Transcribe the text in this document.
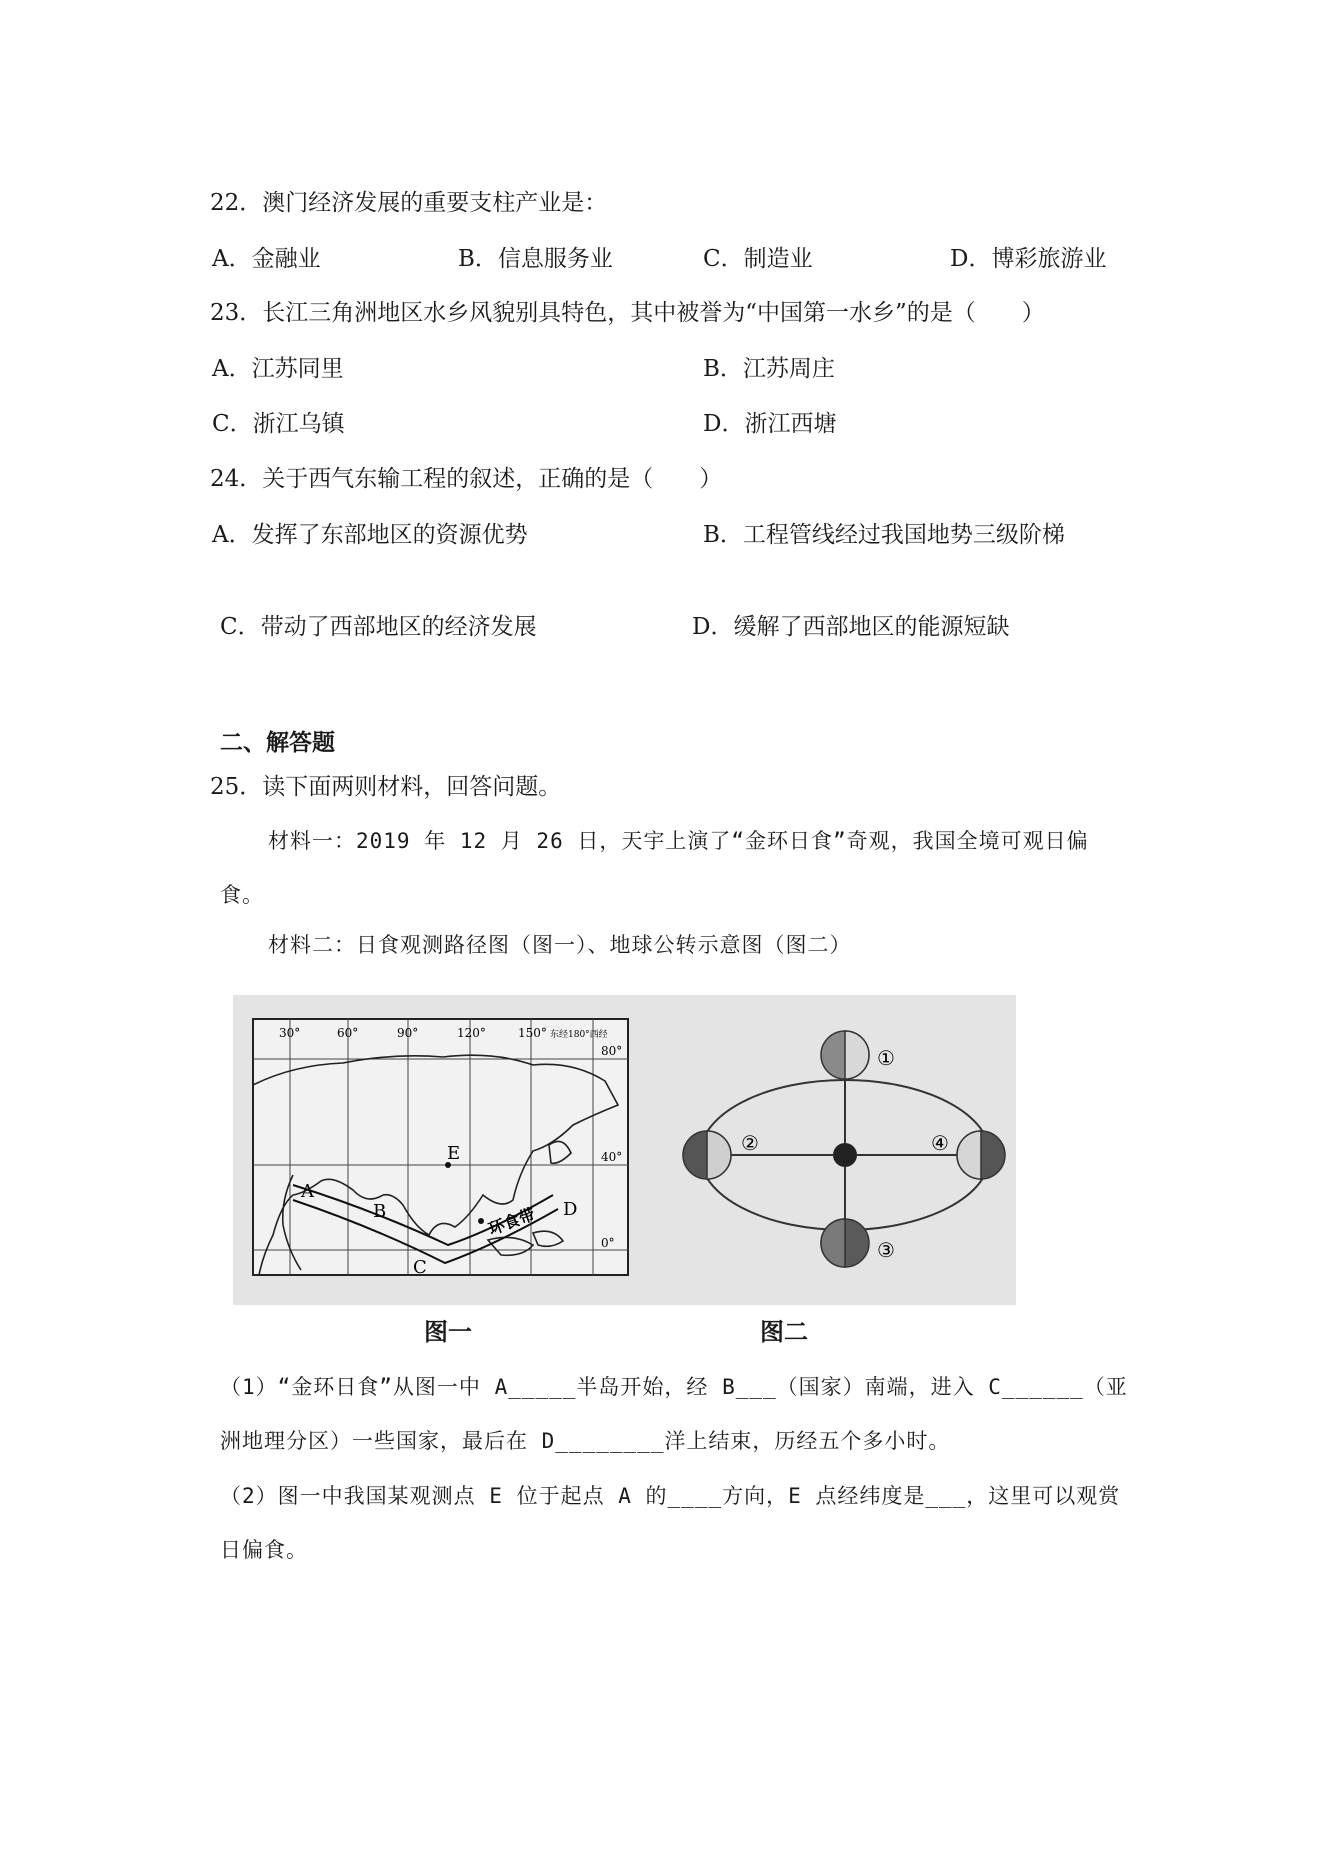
22．澳门经济发展的重要支柱产业是：
A．金融业	B．信息服务业	C．制造业	D．博彩旅游业
23．长江三角洲地区水乡风貌别具特色，其中被誉为“中国第一水乡”的是（　　）
A．江苏同里	B．江苏周庄
C．浙江乌镇	D．浙江西塘
24．关于西气东输工程的叙述，正确的是（　　）
A．发挥了东部地区的资源优势	B．工程管线经过我国地势三级阶梯
C．带动了西部地区的经济发展	D．缓解了西部地区的能源短缺
二、解答题
25．读下面两则材料，回答问题。
材料一：2019 年 12 月 26 日，天宇上演了“金环日食”奇观，我国全境可观日偏
食。
材料二：日食观测路径图（图一）、地球公转示意图（图二）
30°	60°	90°	120°	150° 东经180°西经
80°
40°
0°
A
B
C
D
E
环食带
①
②
③
④
图一	图二
（1）“金环日食”从图一中 A_____半岛开始，经 B___（国家）南端，进入 C______（亚
洲地理分区）一些国家，最后在 D________洋上结束，历经五个多小时。
（2）图一中我国某观测点 E 位于起点 A 的____方向，E 点经纬度是___，这里可以观赏
日偏食。
